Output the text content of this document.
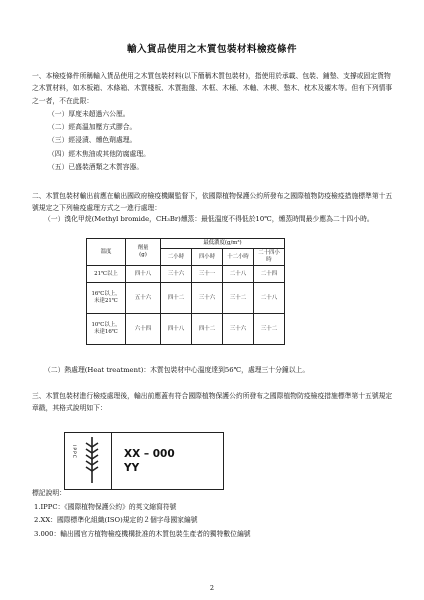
輸入貨品使用之木質包裝材料檢疫條件
一、本檢疫條件所稱輸入貨品使用之木質包裝材料(以下簡稱木質包裝材)，指使用於承載、包裝、鋪墊、支撐或固定貨物之木質材料，如木板箱、木條箱、木質棧板、木質拖盤、木框、木桶、木軸、木楔、墊木、枕木及襯木等。但有下列情事之一者，不在此限：
（一）厚度未超過六公厘。
（二）經高溫加壓方式膠合。
（三）經浸漬、燻色劑處理。
（四）經木焦油或其他防腐處理。
（五）已盛裝酒類之木質容器。
二、木質包裝材輸出前應在輸出國政府檢疫機關監督下，依國際植物保護公約所發布之國際植物防疫檢疫措施標準第十五號規定之下列檢疫處理方式之一進行處理：
（一）溴化甲烷(Methyl bromide，CH₃Br)燻蒸：最低溫度不得低於10℃，燻蒸時間最少應為二十四小時。
溫度	劑量
(g)	最低濃度(g/m³)			
		二小時	四小時	十二小時	二十四小時
21℃以上	四十八	三十六	三十一	二十八	二十四
16℃以上，未達21℃	五十六	四十二	三十六	三十二	二十八
10℃以上，未達16℃	六十四	四十八	四十二	三十六	三十二
（二）熱處理(Heat treatment)：木質包裝材中心溫度達到56℃，處理三十分鐘以上。
三、木質包裝材進行檢疫處理後，輸出前應蓋有符合國際植物保護公約所發布之國際植物防疫檢疫措施標準第十五號規定章戳，其格式說明如下：
IPPC	XX – 000
YY
2
標記說明：
1.IPPC：《國際植物保護公約》的英文縮寫符號
2.XX：國際標準化組織(ISO)規定的２個字母國家編號
3.000：輸出國官方植物檢疫機構批准的木質包裝生產者的獨特數位編號
